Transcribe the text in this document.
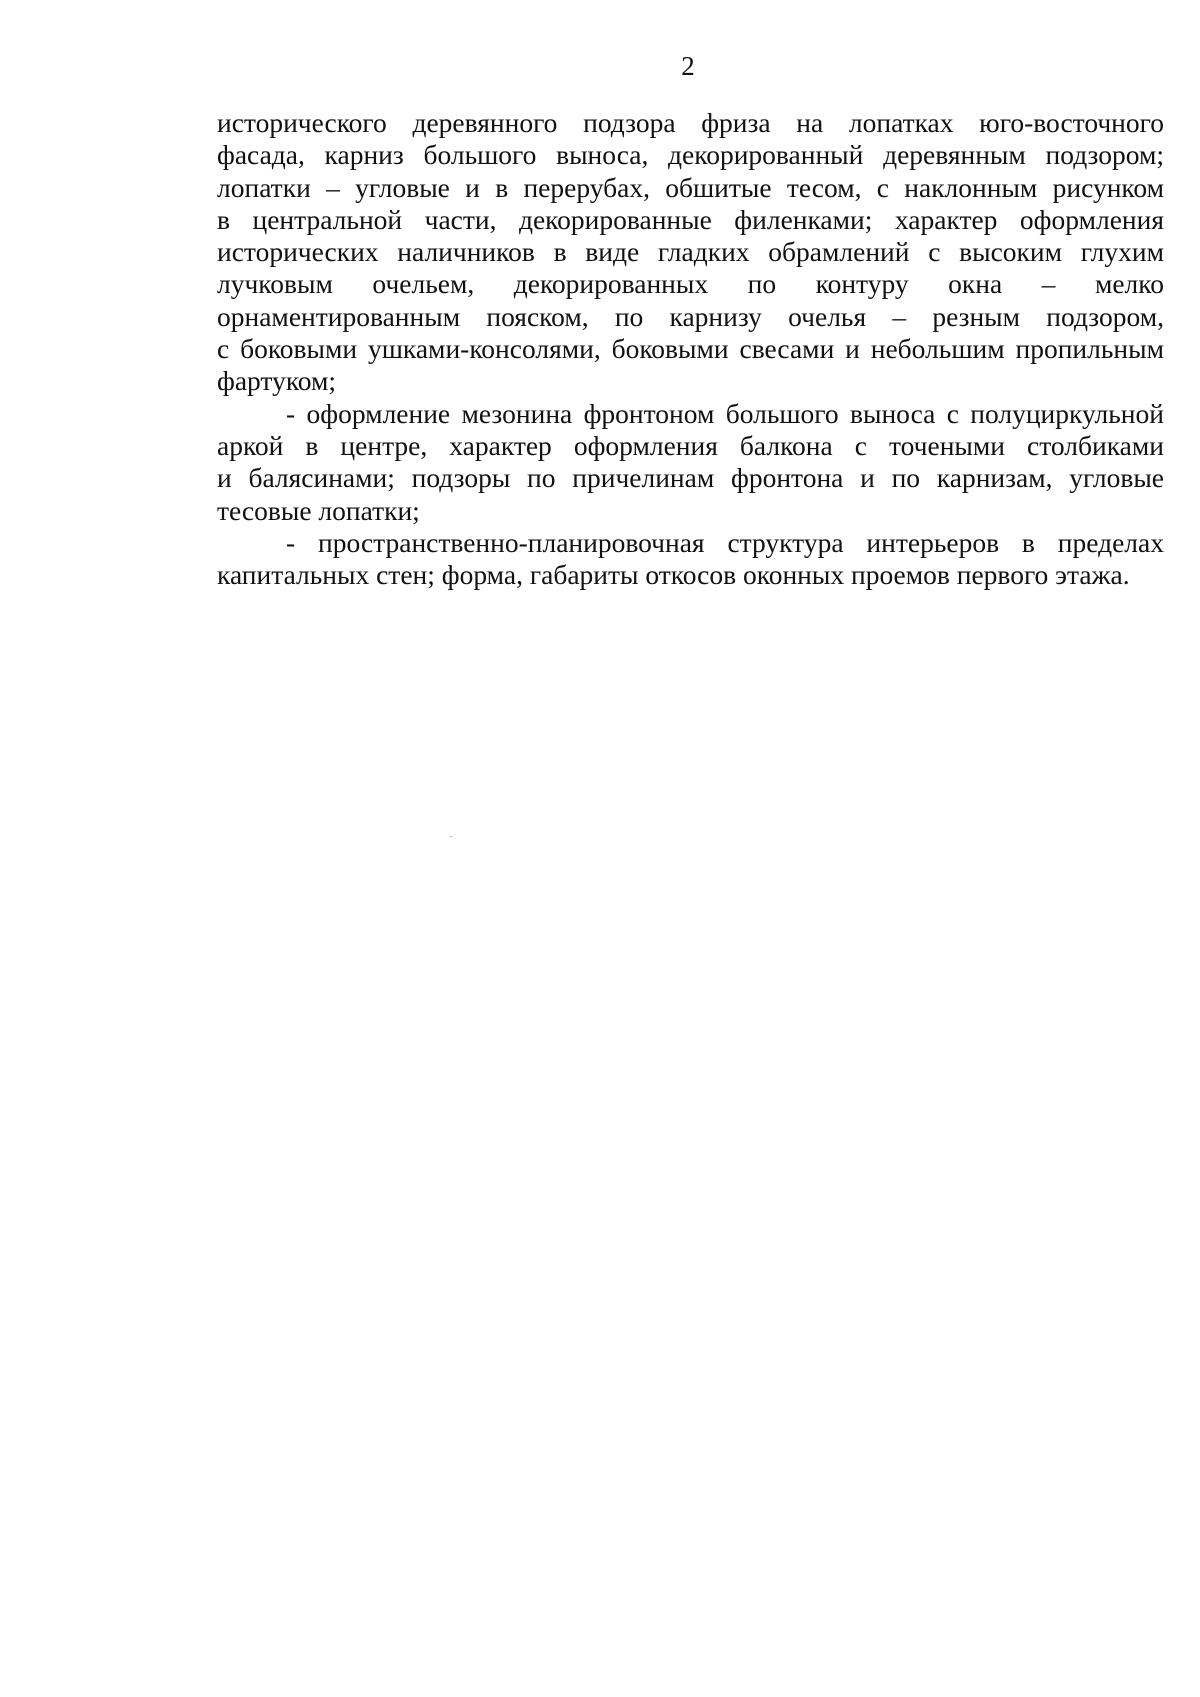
2
исторического деревянного подзора фриза на лопатках юго-восточного
фасада, карниз большого выноса, декорированный деревянным подзором;
лопатки – угловые и в перерубах, обшитые тесом, с наклонным рисунком
в центральной части, декорированные филенками; характер оформления
исторических наличников в виде гладких обрамлений с высоким глухим
лучковым очельем, декорированных по контуру окна – мелко
орнаментированным пояском, по карнизу очелья – резным подзором,
с боковыми ушками-консолями, боковыми свесами и небольшим пропильным
фартуком;
- оформление мезонина фронтоном большого выноса с полуциркульной
аркой в центре, характер оформления балкона с точеными столбиками
и балясинами; подзоры по причелинам фронтона и по карнизам, угловые
тесовые лопатки;
- пространственно-планировочная структура интерьеров в пределах
капитальных стен; форма, габариты откосов оконных проемов первого этажа.
